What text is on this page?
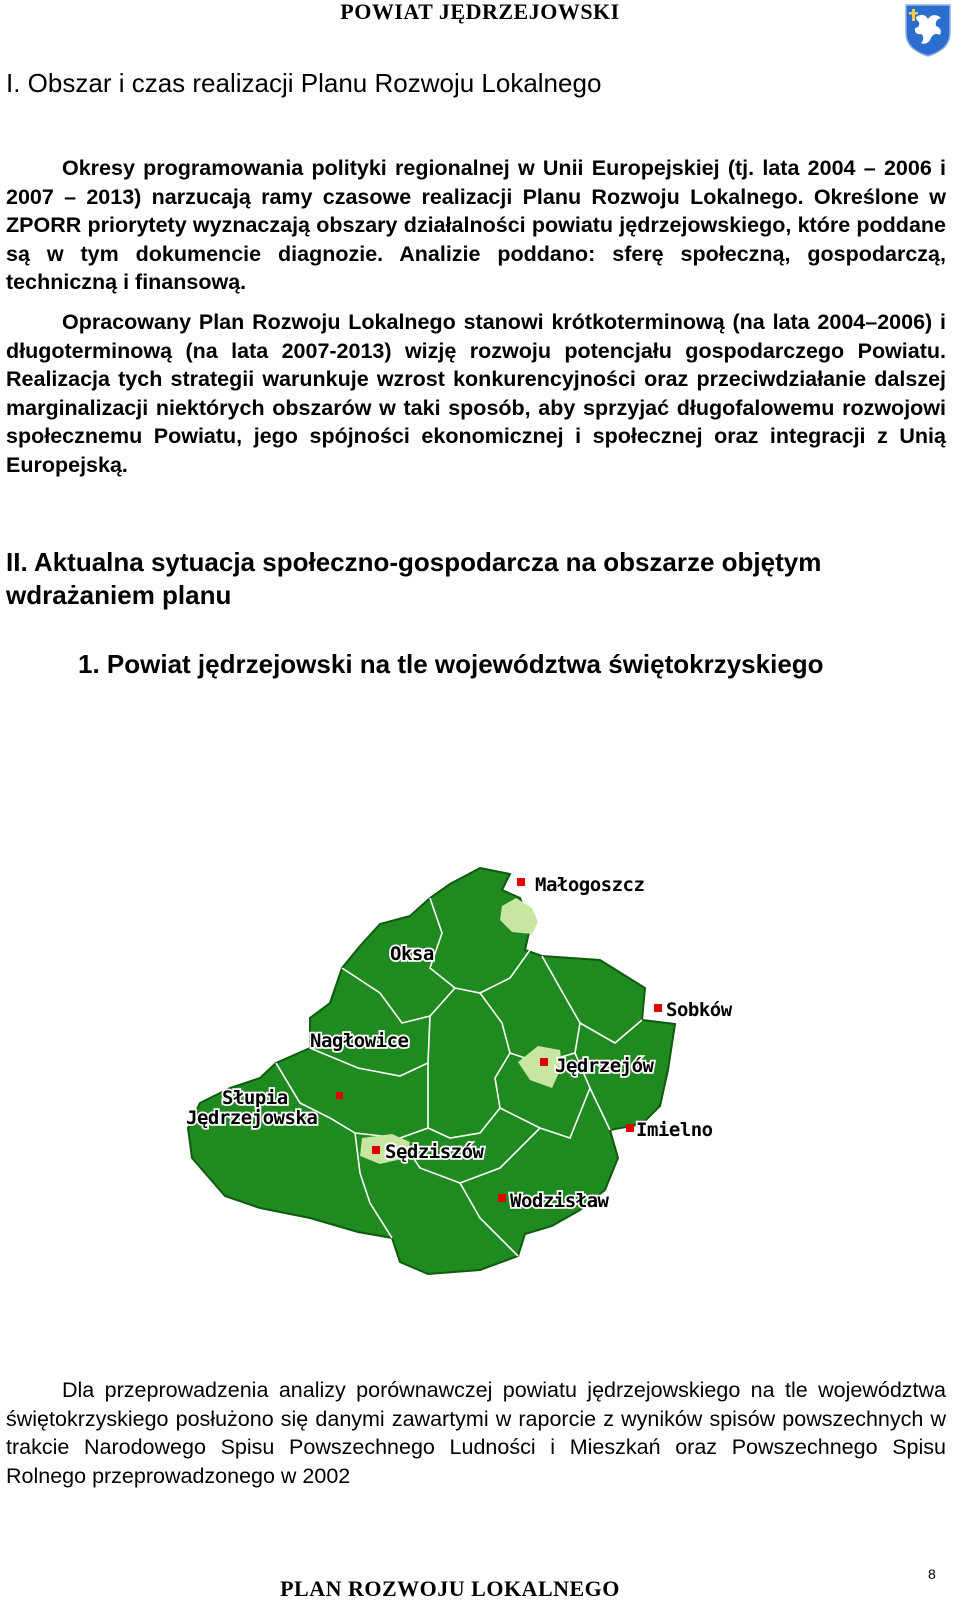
POWIAT JĘDRZEJOWSKI
I. Obszar i czas realizacji Planu Rozwoju Lokalnego

Okresy programowania polityki regionalnej w Unii Europejskiej (tj. lata 2004 – 2006 i 2007 – 2013) narzucają ramy czasowe realizacji Planu Rozwoju Lokalnego. Określone w ZPORR priorytety wyznaczają obszary działalności powiatu jędrzejowskiego, które poddane są w tym dokumencie diagnozie. Analizie poddano: sferę społeczną, gospodarczą, techniczną i finansową.

Opracowany Plan Rozwoju Lokalnego stanowi krótkoterminową (na lata 2004–2006) i długoterminową (na lata 2007-2013) wizję rozwoju potencjału gospodarczego Powiatu. Realizacja tych strategii warunkuje wzrost konkurencyjności oraz przeciwdziałanie dalszej marginalizacji niektórych obszarów w taki sposób, aby sprzyjać długofalowemu rozwojowi społecznemu Powiatu, jego spójności ekonomicznej i społecznej oraz integracji z Unią Europejską.

II. Aktualna sytuacja społeczno-gospodarcza na obszarze objętym wdrażaniem planu
1. Powiat jędrzejowski na tle województwa świętokrzyskiego
Małogoszcz
Oksa
Sobków
Nagłowice
Jędrzejów
Słupia
Jędrzejowska
Imielno
Sędziszów
Wodzisław

Dla przeprowadzenia analizy porównawczej powiatu jędrzejowskiego na tle województwa świętokrzyskiego posłużono się danymi zawartymi w raporcie z wyników spisów powszechnych w trakcie Narodowego Spisu Powszechnego Ludności i Mieszkań oraz Powszechnego Spisu Rolnego przeprowadzonego w 2002

PLAN ROZWOJU LOKALNEGO
8
